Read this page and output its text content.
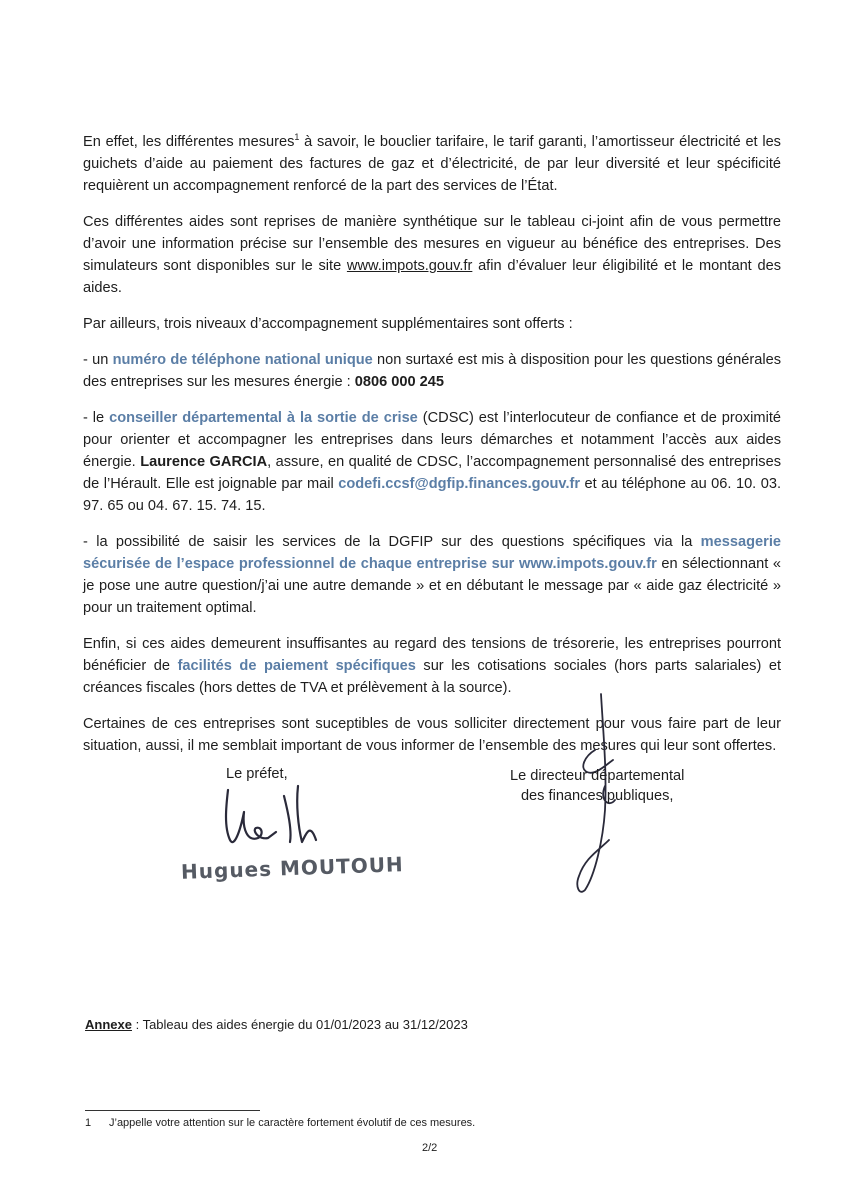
En effet, les différentes mesures$^1$ à savoir, le bouclier tarifaire, le tarif garanti, l’amortisseur électricité et les guichets d’aide au paiement des factures de gaz et d’électricité, de par leur diversité et leur spécificité requièrent un accompagnement renforcé de la part des services de l’État.

Ces différentes aides sont reprises de manière synthétique sur le tableau ci-joint afin de vous permettre d’avoir une information précise sur l’ensemble des mesures en vigueur au bénéfice des entreprises. Des simulateurs sont disponibles sur le site www.impots.gouv.fr afin d’évaluer leur éligibilité et le montant des aides.

Par ailleurs, trois niveaux d’accompagnement supplémentaires sont offerts :

- un numéro de téléphone national unique non surtaxé est mis à disposition pour les questions générales des entreprises sur les mesures énergie : 0806 000 245

- le conseiller départemental à la sortie de crise (CDSC) est l’interlocuteur de confiance et de proximité pour orienter et accompagner les entreprises dans leurs démarches et notamment l’accès aux aides énergie. Laurence GARCIA, assure, en qualité de CDSC, l’accompagnement personnalisé des entreprises de l’Hérault. Elle est joignable par mail codefi.ccsf@dgfip.finances.gouv.fr et au téléphone au 06. 10. 03. 97. 65 ou 04. 67. 15. 74. 15.

- la possibilité de saisir les services de la DGFIP sur des questions spécifiques via la messagerie sécurisée de l’espace professionnel de chaque entreprise sur www.impots.gouv.fr en sélectionnant « je pose une autre question/j’ai une autre demande » et en débutant le message par « aide gaz électricité » pour un traitement optimal.

Enfin, si ces aides demeurent insuffisantes au regard des tensions de trésorerie, les entreprises pourront bénéficier de facilités de paiement spécifiques sur les cotisations sociales (hors parts salariales) et créances fiscales (hors dettes de TVA et prélèvement à la source).

Certaines de ces entreprises sont suceptibles de vous solliciter directement pour vous faire part de leur situation, aussi, il me semblait important de vous informer de l’ensemble des mesures qui leur sont offertes.

Le préfet,
Hugues MOUTOUH
Le directeur départemental
des finances publiques,
Annexe : Tableau des aides énergie du 01/01/2023 au 31/12/2023
1 J’appelle votre attention sur le caractère fortement évolutif de ces mesures.
2/2
